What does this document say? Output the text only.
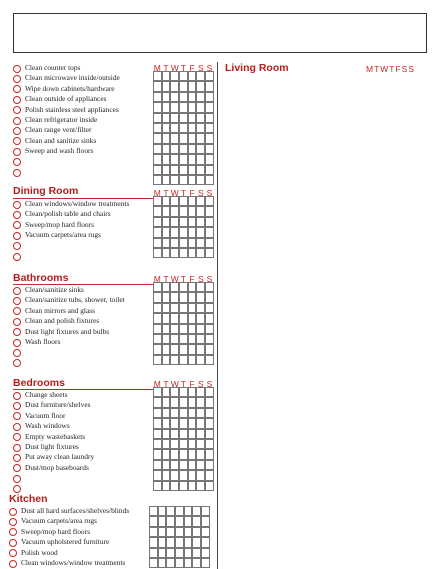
Living Room	MTWTFSS
M T W T F S S
Clean counter tops
Clean microwave inside/outside
Wipe down cabinets/hardware
Clean outside of appliances
Polish stainless steel appliances
Clean refrigerator inside
Clean range vent/filter
Clean and sanitize sinks
Sweep and wash floors
Dining Room	M T W T F S S
Clean windows/window treatments
Clean/polish table and chairs
Sweep/mop hard floors
Vacuum carpets/area rugs
Bathrooms	M T W T F S S
Clean/sanitize sinks
Clean/sanitize tubs, shower, toilet
Clean mirrors and glass
Clean and polish fixtures
Dust light fixtures and bulbs
Wash floors
Bedrooms	M T W T F S S
Change sheets
Dust furniture/shelves
Vacuum floor
Wash windows
Empty wastebaskets
Dust light fixtures
Put away clean laundry
Dust/mop baseboards
Kitchen
Dust all hard surfaces/shelves/blinds
Vacuum carpets/area rugs
Sweep/mop hard floors
Vacuum upholstered furniture
Polish wood
Clean windows/window treatments
